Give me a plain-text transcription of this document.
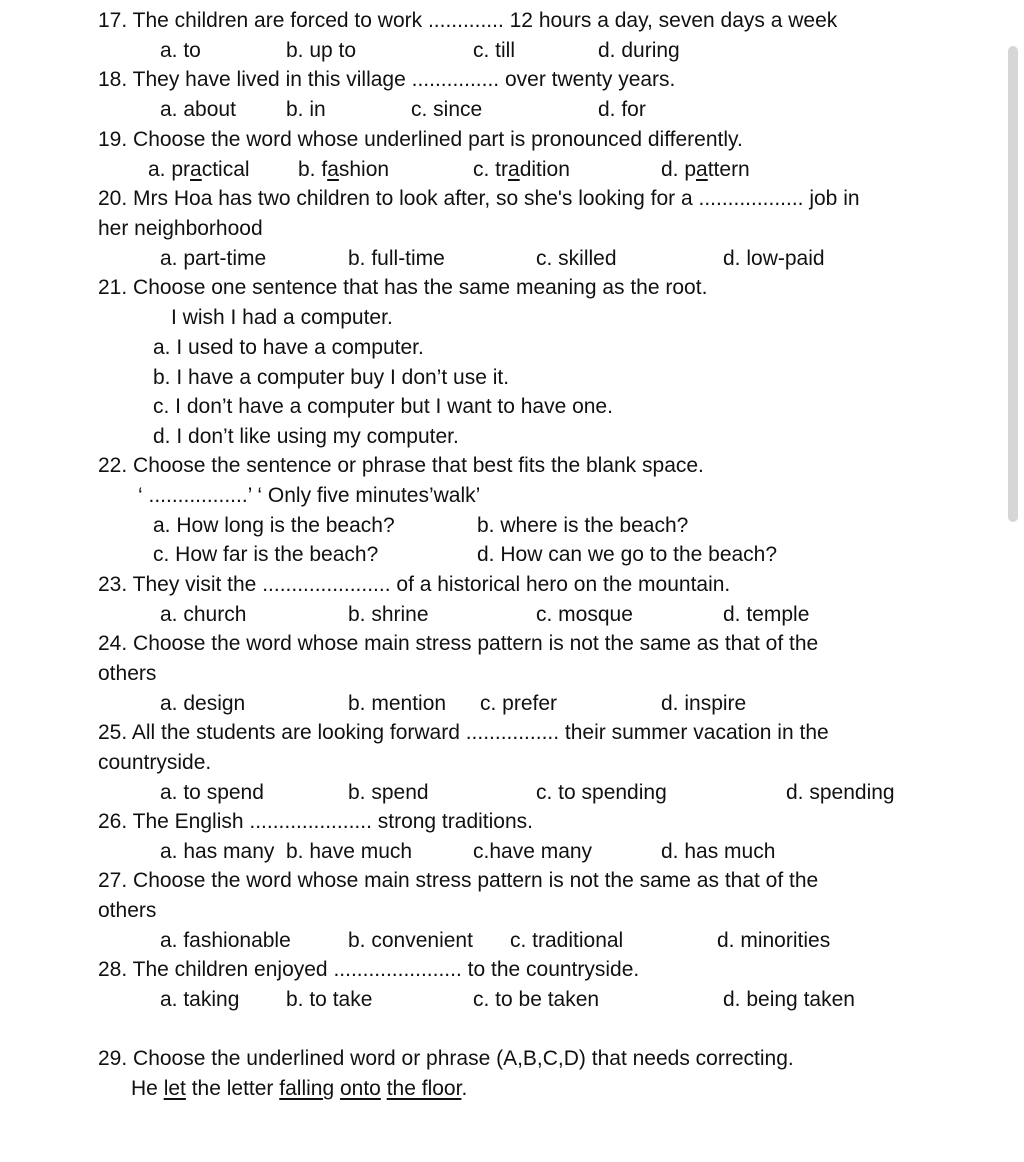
17. The children are forced to work ............. 12 hours a day, seven days a week
a. to	b. up to	c. till	d. during
18. They have lived in this village ............... over twenty years.
a. about b. in	c. since	d. for
19. Choose the word whose underlined part is pronounced differently.
a. practical b. fashion	c. tradition	d. pattern
20. Mrs Hoa has two children to look after, so she's looking for a .................. job in
her neighborhood
a. part-time	b. full-time	c. skilled	d. low-paid
21. Choose one sentence that has the same meaning as the root.
I wish I had a computer.
a. I used to have a computer.
b. I have a computer buy I don’t use it.
c. I don’t have a computer but I want to have one.
d. I don’t like using my computer.
22. Choose the sentence or phrase that best fits the blank space.
‘ .................’ ‘ Only five minutes’walk’
a. How long is the beach?	b. where is the beach?
c. How far is the beach?	d. How can we go to the beach?
23. They visit the ...................... of a historical hero on the mountain.
a. church	b. shrine	c. mosque	d. temple
24. Choose the word whose main stress pattern is not the same as that of the
others
a. design	b. mention c. prefer	d. inspire
25. All the students are looking forward ................ their summer vacation in the
countryside.
a. to spend	b. spend	c. to spending	d. spending
26. The English ..................... strong traditions.
a. has many b. have much	c.have many	d. has much
27. Choose the word whose main stress pattern is not the same as that of the
others
a. fashionable	b. convenient c. traditional	d. minorities
28. The children enjoyed ...................... to the countryside.
a. taking b. to take	c. to be taken	d. being taken
29. Choose the underlined word or phrase (A,B,C,D) that needs correcting.
He let the letter falling onto the floor.
